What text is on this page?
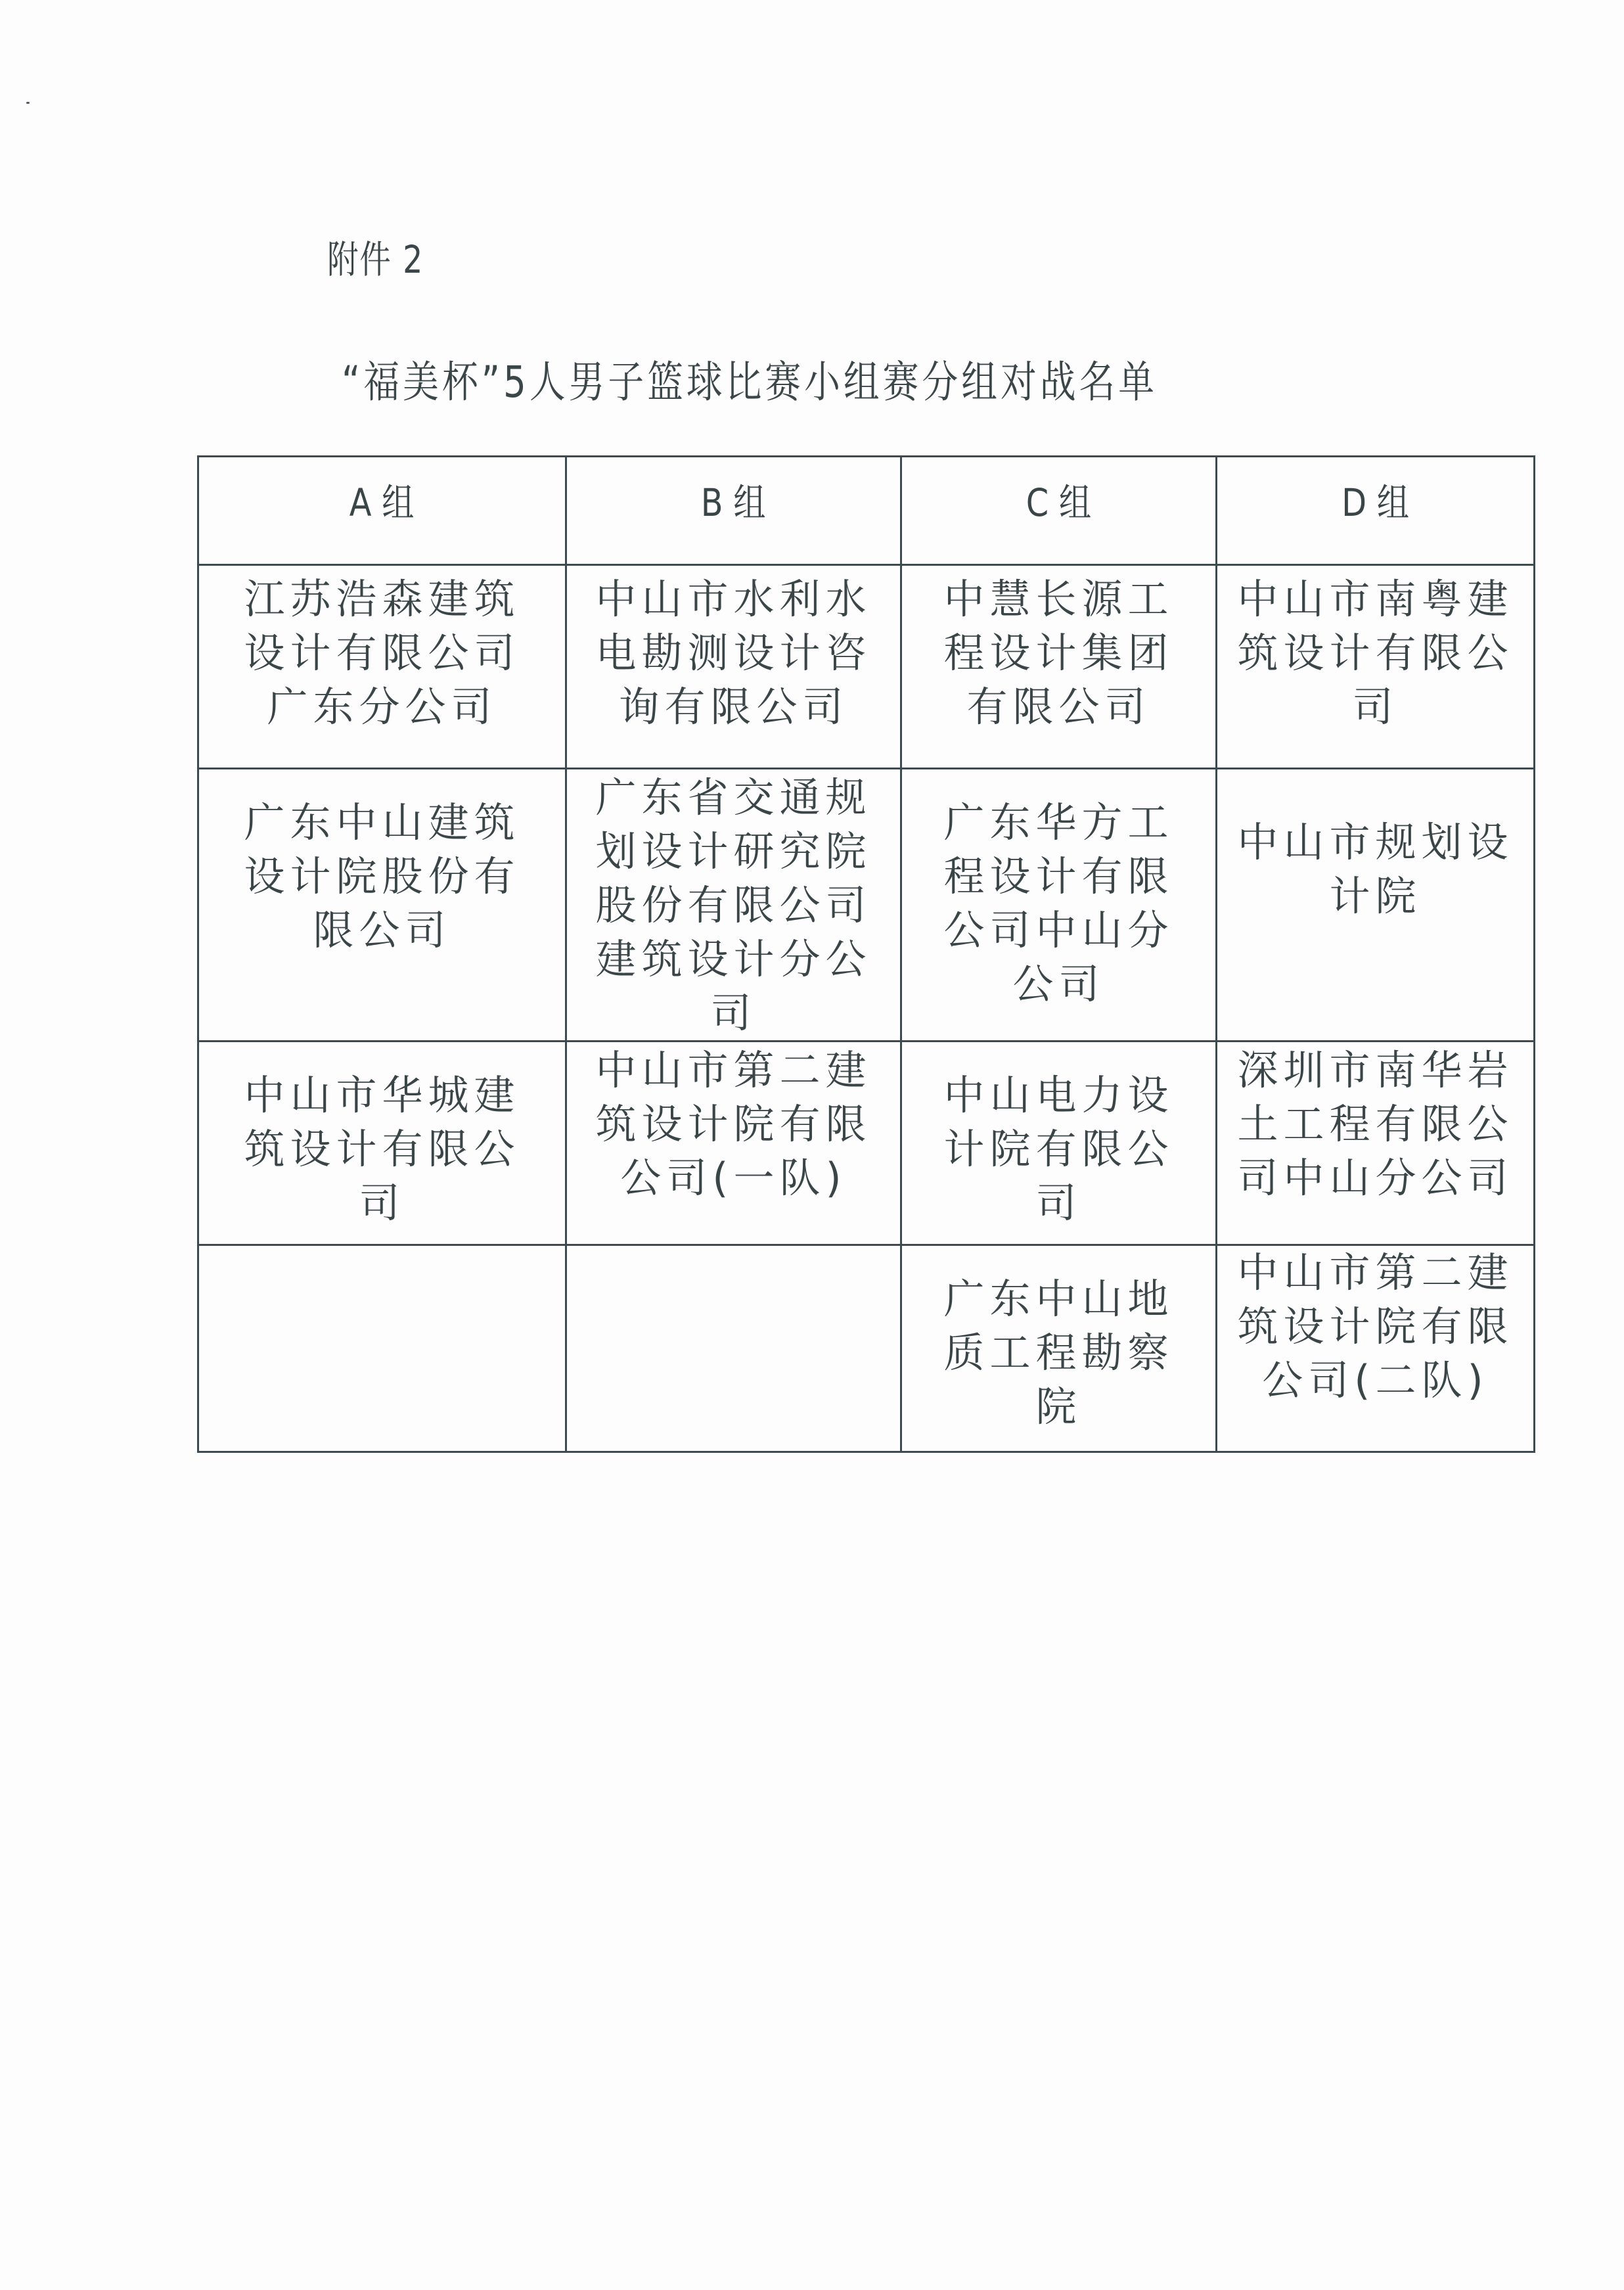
附件 2
“福美杯”5人男子篮球比赛小组赛分组对战名单
A 组	B 组	C 组	D 组

江苏浩森建筑设计有限公司广东分公司	中山市水利水电勘测设计咨询有限公司	中慧长源工程设计集团有限公司	中山市南粤建筑设计有限公司

广东中山建筑设计院股份有限公司	广东省交通规划设计研究院股份有限公司建筑设计分公司	广东华方工程设计有限公司中山分公司	中山市规划设计院

中山市华城建筑设计有限公司	中山市第二建筑设计院有限公司(一队)	中山电力设计院有限公司	深圳市南华岩土工程有限公司中山分公司

		广东中山地质工程勘察院	中山市第二建筑设计院有限公司(二队)
